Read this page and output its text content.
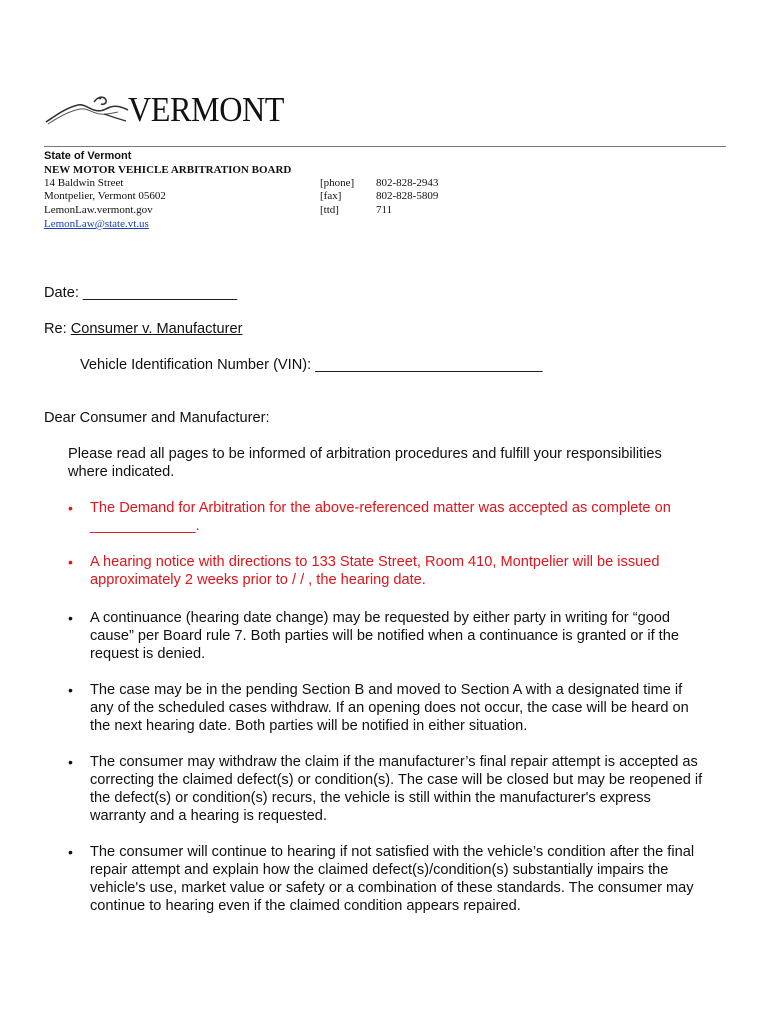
VERMONT
State of Vermont
NEW MOTOR VEHICLE ARBITRATION BOARD
14 Baldwin Street
Montpelier, Vermont 05602
LemonLaw.vermont.gov
LemonLaw@state.vt.us
[phone] 802-828-2943
[fax]	802-828-5809
[ttd]	711
Date: ___________________
Re: Consumer v. Manufacturer
Vehicle Identification Number (VIN): ____________________________
Dear Consumer and Manufacturer:
Please read all pages to be informed of arbitration procedures and fulfill your responsibilities
where indicated.
• The Demand for Arbitration for the above-referenced matter was accepted as complete on
_____________.
• A hearing notice with directions to 133 State Street, Room 410, Montpelier will be issued
approximately 2 weeks prior to / / , the hearing date.
• A continuance (hearing date change) may be requested by either party in writing for “good
cause” per Board rule 7. Both parties will be notified when a continuance is granted or if the
request is denied.
• The case may be in the pending Section B and moved to Section A with a designated time if
any of the scheduled cases withdraw. If an opening does not occur, the case will be heard on
the next hearing date. Both parties will be notified in either situation.
• The consumer may withdraw the claim if the manufacturer’s final repair attempt is accepted as
correcting the claimed defect(s) or condition(s). The case will be closed but may be reopened if
the defect(s) or condition(s) recurs, the vehicle is still within the manufacturer's express
warranty and a hearing is requested.
• The consumer will continue to hearing if not satisfied with the vehicle’s condition after the final
repair attempt and explain how the claimed defect(s)/condition(s) substantially impairs the
vehicle's use, market value or safety or a combination of these standards. The consumer may
continue to hearing even if the claimed condition appears repaired.
